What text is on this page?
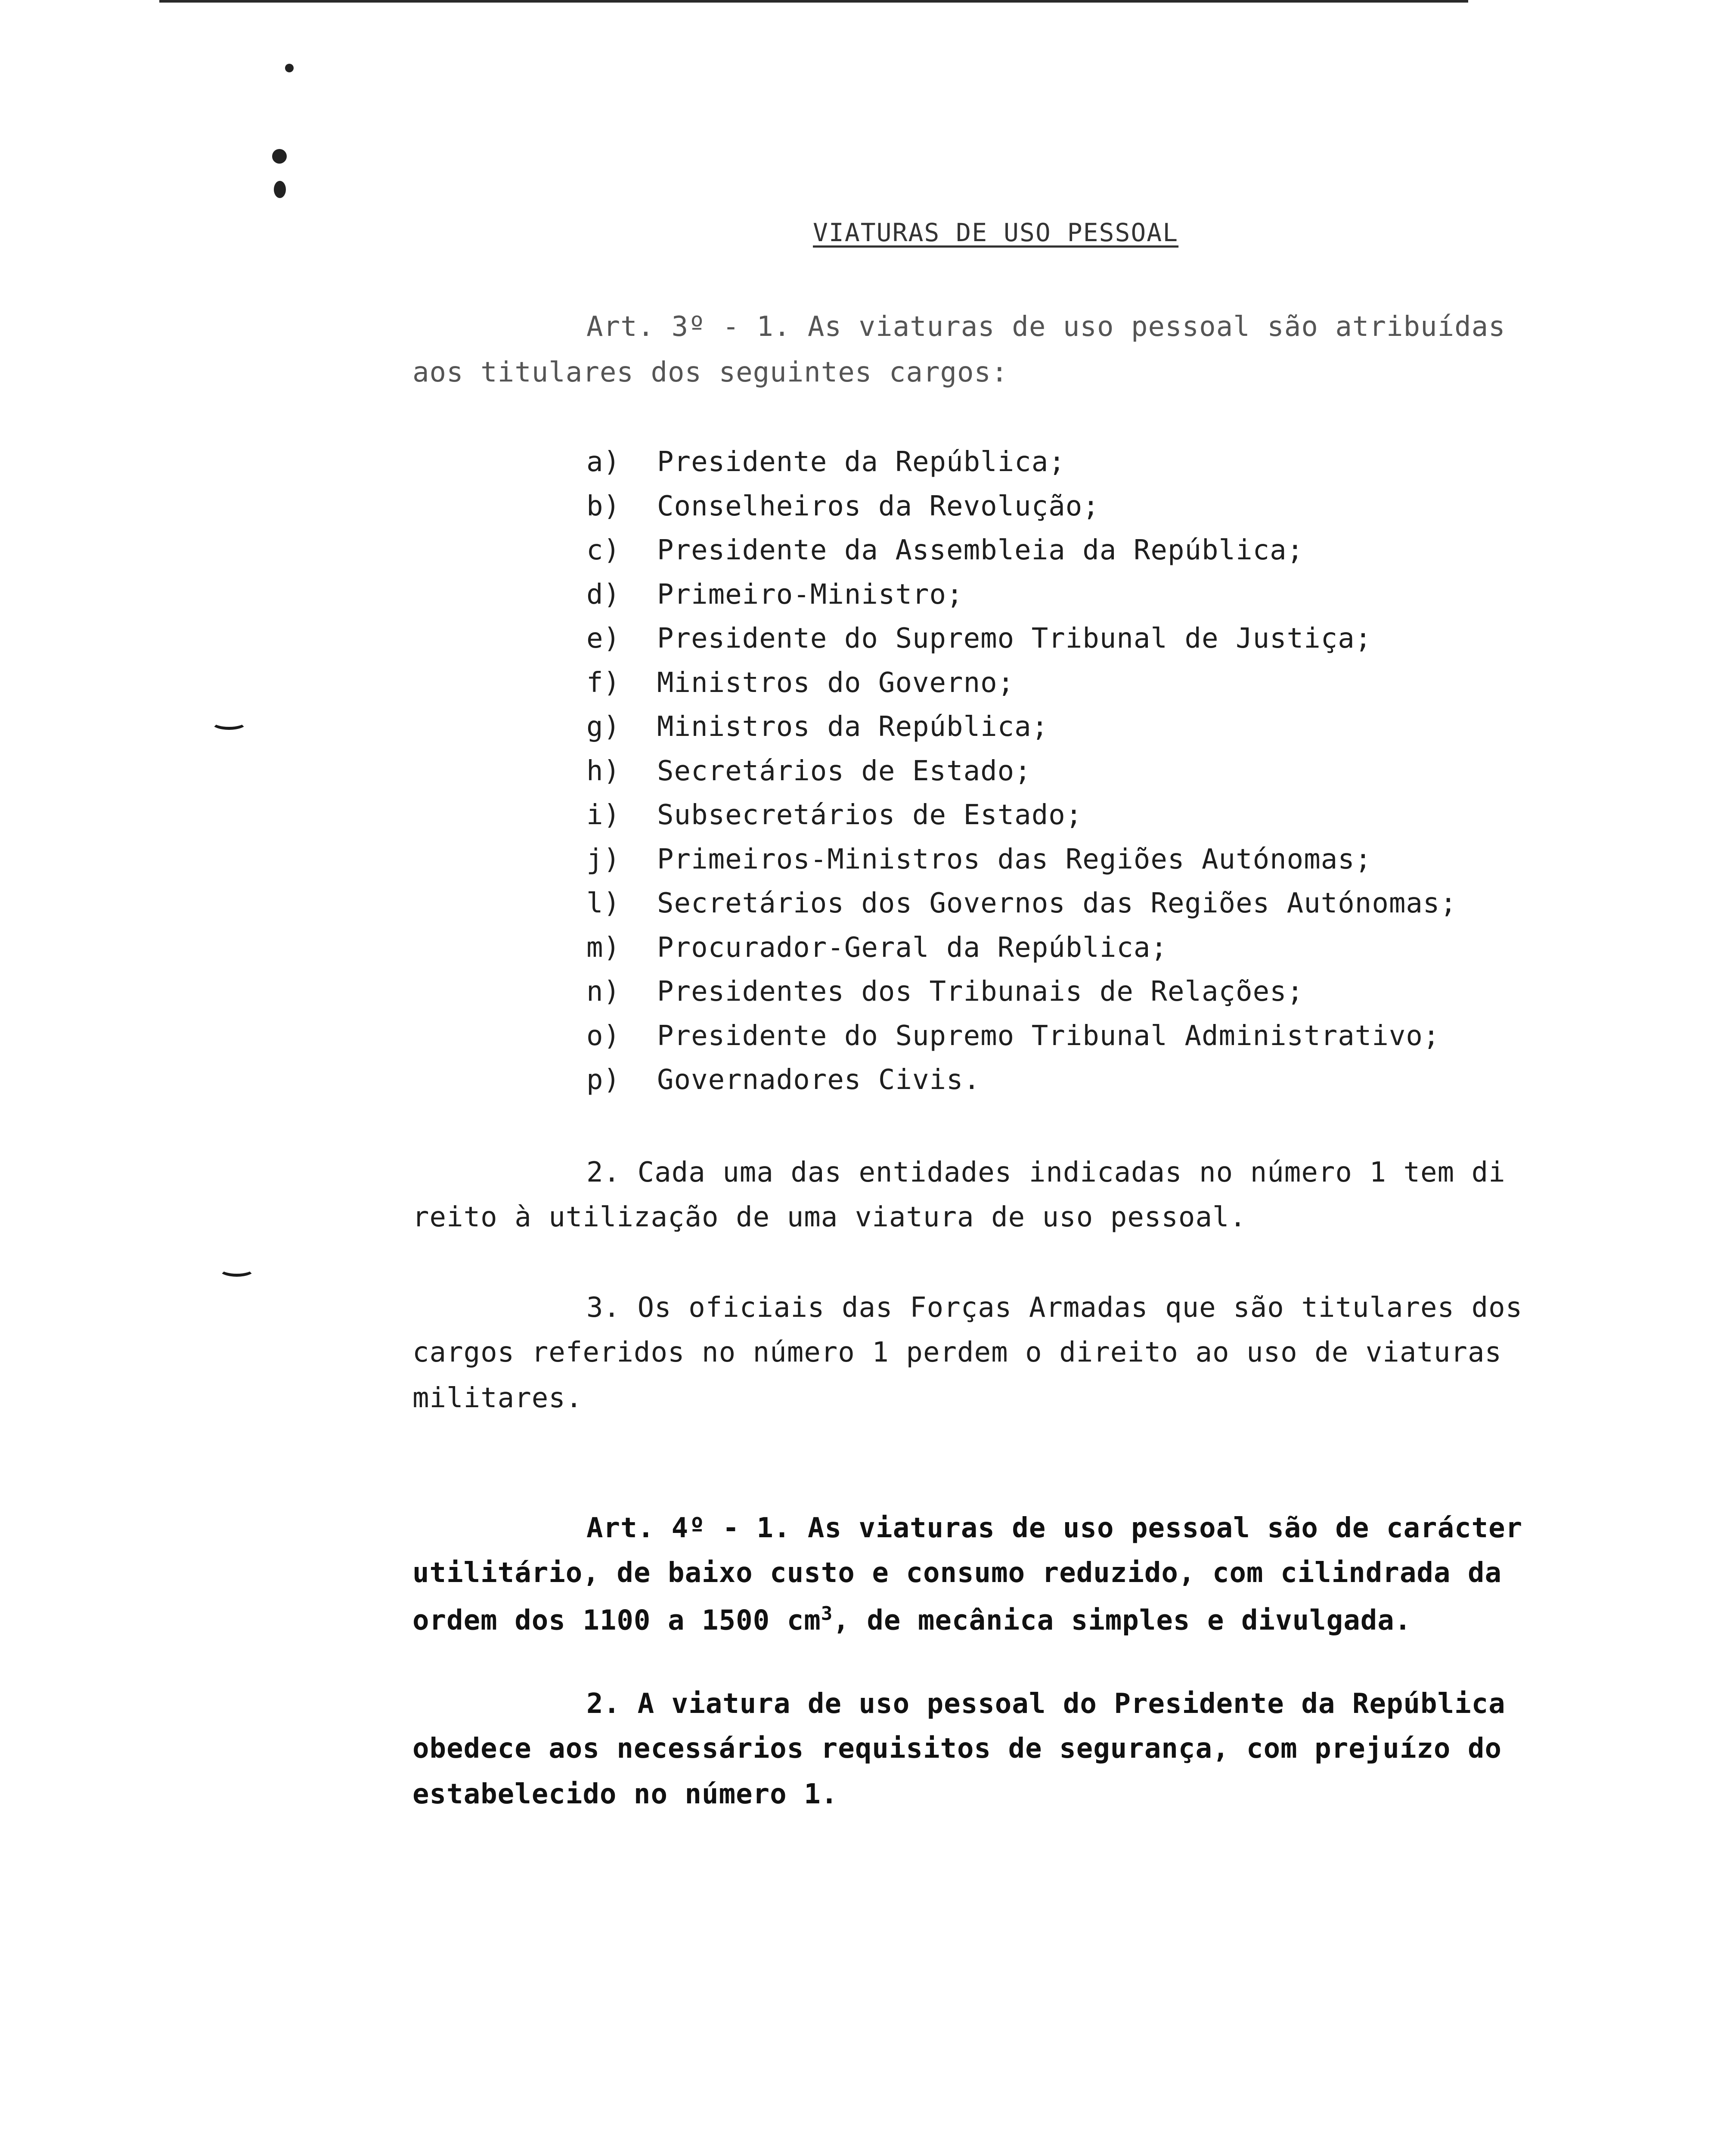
VIATURAS DE USO PESSOAL
Art. 3º - 1. As viaturas de uso pessoal são atribuídas
aos titulares dos seguintes cargos:
a) Presidente da República;
b) Conselheiros da Revolução;
c) Presidente da Assembleia da República;
d) Primeiro-Ministro;
e) Presidente do Supremo Tribunal de Justiça;
f) Ministros do Governo;
g) Ministros da República;
h) Secretários de Estado;
i) Subsecretários de Estado;
j) Primeiros-Ministros das Regiões Autónomas;
l) Secretários dos Governos das Regiões Autónomas;
m) Procurador-Geral da República;
n) Presidentes dos Tribunais de Relações;
o) Presidente do Supremo Tribunal Administrativo;
p) Governadores Civis.
2. Cada uma das entidades indicadas no número 1 tem di
reito à utilização de uma viatura de uso pessoal.
3. Os oficiais das Forças Armadas que são titulares dos
cargos referidos no número 1 perdem o direito ao uso de viaturas
militares.
Art. 4º - 1. As viaturas de uso pessoal são de carácter
utilitário, de baixo custo e consumo reduzido, com cilindrada da
ordem dos 1100 a 1500 $cm^3$, de mecânica simples e divulgada.
2. A viatura de uso pessoal do Presidente da República
obedece aos necessários requisitos de segurança, com prejuízo do
estabelecido no número 1.
